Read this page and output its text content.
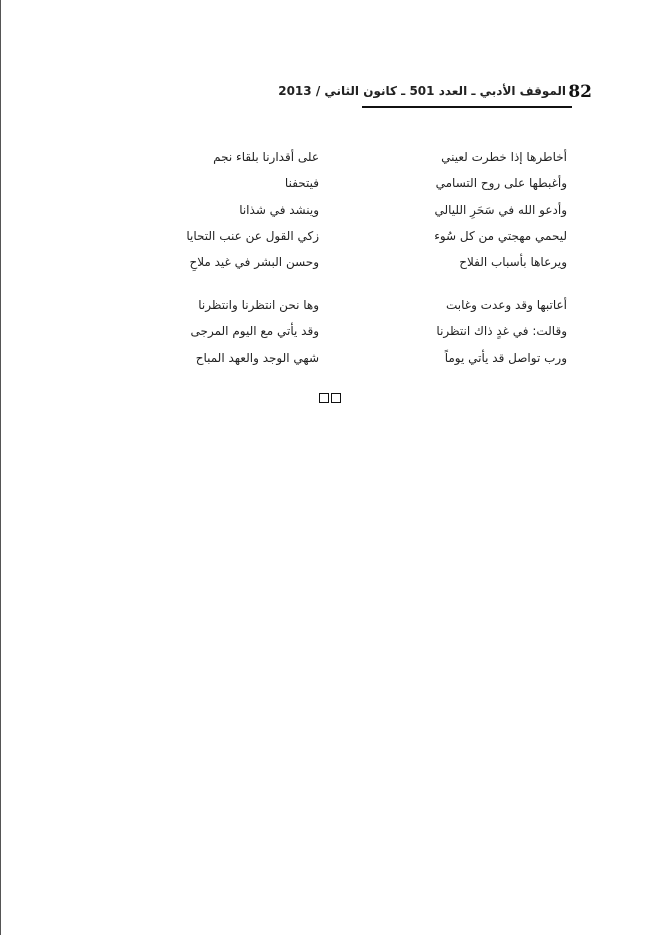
82
الموقف الأدبي ـ العدد 501 ـ كانون الثاني / 2013
أخاطرها إذا خطرت لعيني
على أقدارنا بلقاء نجم
وأغبطها على روح التسامي
فيتحفنا
وأدعو الله في سَحَرِ الليالي
وينشد في شذانا
ليحمي مهجتي من كل سُوء
زكي القول عن عنب التحايا
ويرعاها بأسباب الفلاح
وحسن البشر في غيد ملاحِ
أعاتبها وقد وعدت وغابت
وها نحن انتظرنا وانتظرنا
وقالت: في غدٍ ذاك انتظرنا
وقد يأتي مع اليوم المرجى
ورب تواصل قد يأتي يوماً
شهي الوجد والعهد المباح
